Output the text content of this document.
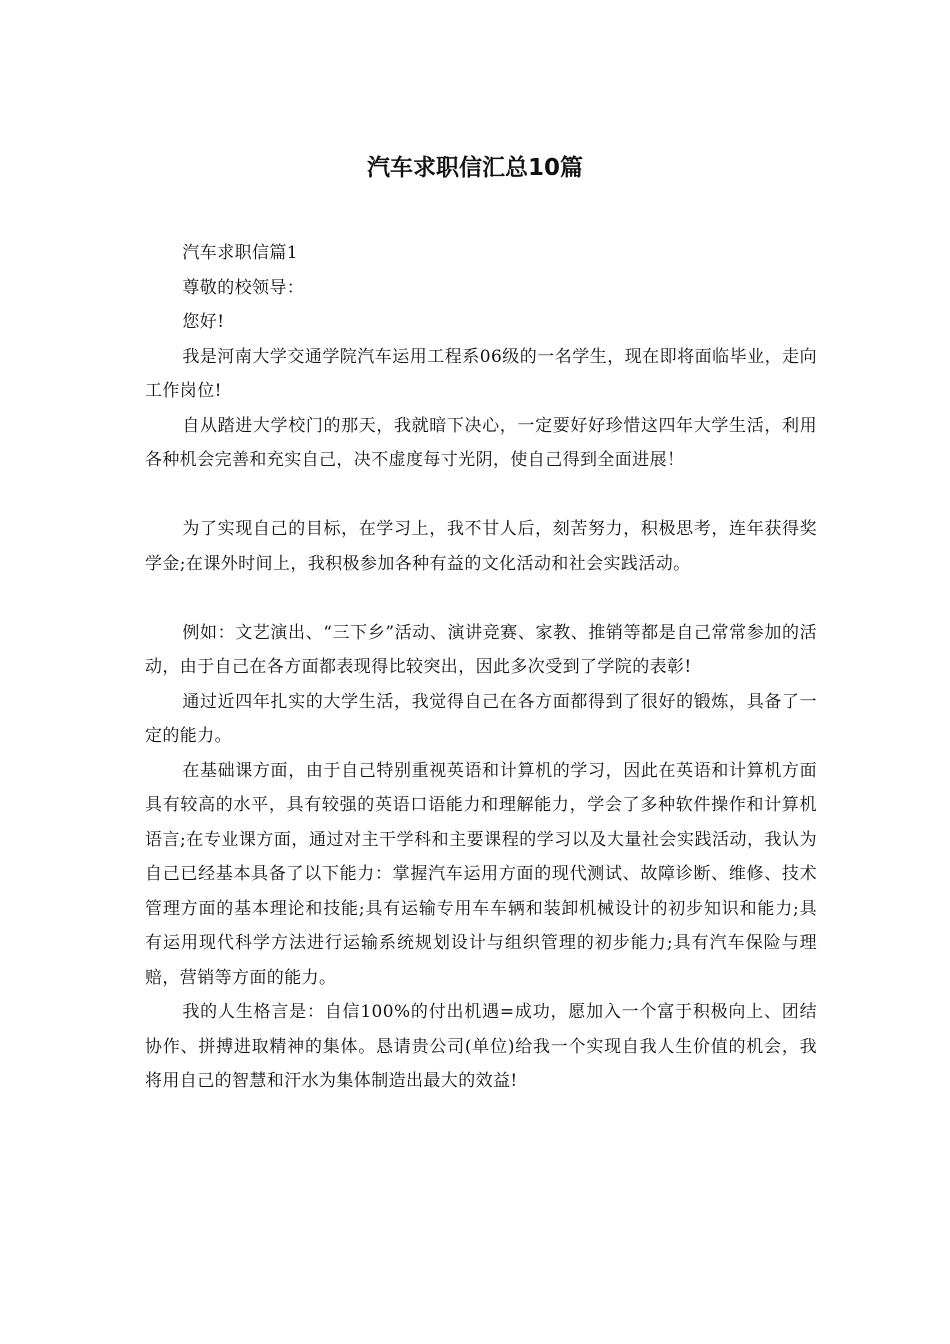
汽车求职信汇总10篇

汽车求职信篇1

尊敬的校领导：

您好!

我是河南大学交通学院汽车运用工程系06级的一名学生，现在即将面临毕业，走向工作岗位!

自从踏进大学校门的那天，我就暗下决心，一定要好好珍惜这四年大学生活，利用各种机会完善和充实自己，决不虚度每寸光阴，使自己得到全面进展！

为了实现自己的目标，在学习上，我不甘人后，刻苦努力，积极思考，连年获得奖学金;在课外时间上，我积极参加各种有益的文化活动和社会实践活动。

例如：文艺演出、“三下乡”活动、演讲竞赛、家教、推销等都是自己常常参加的活动，由于自己在各方面都表现得比较突出，因此多次受到了学院的表彰!

通过近四年扎实的大学生活，我觉得自己在各方面都得到了很好的锻炼，具备了一定的能力。

在基础课方面，由于自己特别重视英语和计算机的学习，因此在英语和计算机方面具有较高的水平，具有较强的英语口语能力和理解能力，学会了多种软件操作和计算机语言;在专业课方面，通过对主干学科和主要课程的学习以及大量社会实践活动，我认为自己已经基本具备了以下能力：掌握汽车运用方面的现代测试、故障诊断、维修、技术管理方面的基本理论和技能;具有运输专用车车辆和装卸机械设计的初步知识和能力;具有运用现代科学方法进行运输系统规划设计与组织管理的初步能力;具有汽车保险与理赔，营销等方面的能力。

我的人生格言是：自信100%的付出机遇=成功，愿加入一个富于积极向上、团结协作、拼搏进取精神的集体。恳请贵公司(单位)给我一个实现自我人生价值的机会，我将用自己的智慧和汗水为集体制造出最大的效益!
